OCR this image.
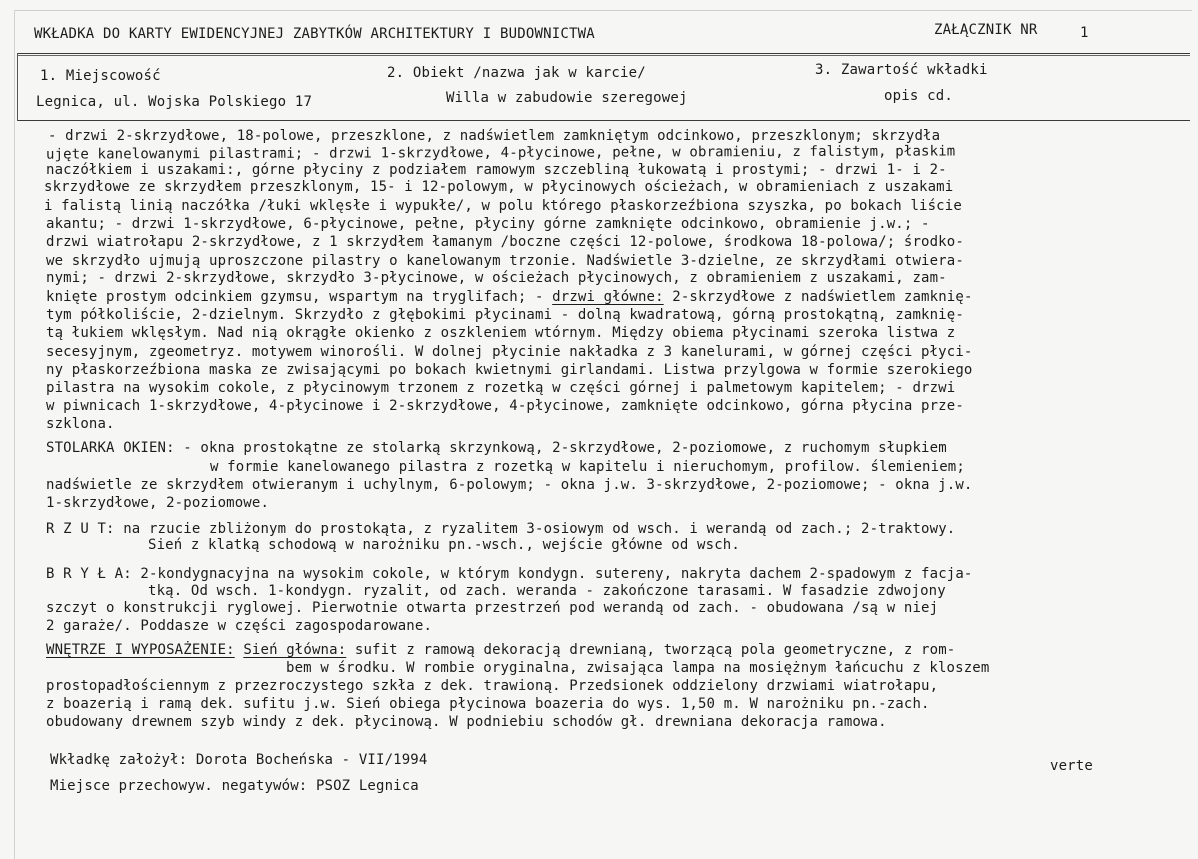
WKŁADKA DO KARTY EWIDENCYJNEJ ZABYTKÓW ARCHITEKTURY I BUDOWNICTWA	ZAŁĄCZNIK NR	1
1. Miejscowość
Legnica, ul. Wojska Polskiego 17
2. Obiekt /nazwa jak w karcie/
Willa w zabudowie szeregowej
3. Zawartość wkładki
opis cd.
- drzwi 2-skrzydłowe, 18-polowe, przeszklone, z nadświetlem zamkniętym odcinkowo, przeszklonym; skrzydła
ujęte kanelowanymi pilastrami; - drzwi 1-skrzydłowe, 4-płycinowe, pełne, w obramieniu, z falistym, płaskim
naczółkiem i uszakami:, górne płyciny z podziałem ramowym szczebliną łukowatą i prostymi; - drzwi 1- i 2-
skrzydłowe ze skrzydłem przeszklonym, 15- i 12-polowym, w płycinowych ościeżach, w obramieniach z uszakami
i falistą linią naczółka /łuki wklęsłe i wypukłe/, w polu którego płaskorzeźbiona szyszka, po bokach liście
akantu; - drzwi 1-skrzydłowe, 6-płycinowe, pełne, płyciny górne zamknięte odcinkowo, obramienie j.w.; -
drzwi wiatrołapu 2-skrzydłowe, z 1 skrzydłem łamanym /boczne części 12-polowe, środkowa 18-polowa/; środko-
we skrzydło ujmują uproszczone pilastry o kanelowanym trzonie. Nadświetle 3-dzielne, ze skrzydłami otwiera-
nymi; - drzwi 2-skrzydłowe, skrzydło 3-płycinowe, w ościeżach płycinowych, z obramieniem z uszakami, zam-
knięte prostym odcinkiem gzymsu, wspartym na tryglifach; - drzwi główne: 2-skrzydłowe z nadświetlem zamknię-
tym półkoliście, 2-dzielnym. Skrzydło z głębokimi płycinami - dolną kwadratową, górną prostokątną, zamknię-
tą łukiem wklęsłym. Nad nią okrągłe okienko z oszkleniem wtórnym. Między obiema płycinami szeroka listwa z
secesyjnym, zgeometryz. motywem winorośli. W dolnej płycinie nakładka z 3 kanelurami, w górnej części płyci-
ny płaskorzeźbiona maska ze zwisającymi po bokach kwietnymi girlandami. Listwa przylgowa w formie szerokiego
pilastra na wysokim cokole, z płycinowym trzonem z rozetką w części górnej i palmetowym kapitelem; - drzwi
w piwnicach 1-skrzydłowe, 4-płycinowe i 2-skrzydłowe, 4-płycinowe, zamknięte odcinkowo, górna płycina prze-
szklona.
STOLARKA OKIEN: - okna prostokątne ze stolarką skrzynkową, 2-skrzydłowe, 2-poziomowe, z ruchomym słupkiem
w formie kanelowanego pilastra z rozetką w kapitelu i nieruchomym, profilow. ślemieniem;
nadświetle ze skrzydłem otwieranym i uchylnym, 6-polowym; - okna j.w. 3-skrzydłowe, 2-poziomowe; - okna j.w.
1-skrzydłowe, 2-poziomowe.
R Z U T: na rzucie zbliżonym do prostokąta, z ryzalitem 3-osiowym od wsch. i werandą od zach.; 2-traktowy.
Sień z klatką schodową w narożniku pn.-wsch., wejście główne od wsch.
B R Y Ł A: 2-kondygnacyjna na wysokim cokole, w którym kondygn. sutereny, nakryta dachem 2-spadowym z facja-
tką. Od wsch. 1-kondygn. ryzalit, od zach. weranda - zakończone tarasami. W fasadzie zdwojony
szczyt o konstrukcji ryglowej. Pierwotnie otwarta przestrzeń pod werandą od zach. - obudowana /są w niej
2 garaże/. Poddasze w części zagospodarowane.
WNĘTRZE I WYPOSAŻENIE: Sień główna: sufit z ramową dekoracją drewnianą, tworzącą pola geometryczne, z rom-
bem w środku. W rombie oryginalna, zwisająca lampa na mosiężnym łańcuchu z kloszem
prostopadłościennym z przezroczystego szkła z dek. trawioną. Przedsionek oddzielony drzwiami wiatrołapu,
z boazerią i ramą dek. sufitu j.w. Sień obiega płycinowa boazeria do wys. 1,50 m. W narożniku pn.-zach.
obudowany drewnem szyb windy z dek. płycinową. W podniebiu schodów gł. drewniana dekoracja ramowa.
Wkładkę założył: Dorota Bocheńska - VII/1994
Miejsce przechowyw. negatywów: PSOZ Legnica
verte
